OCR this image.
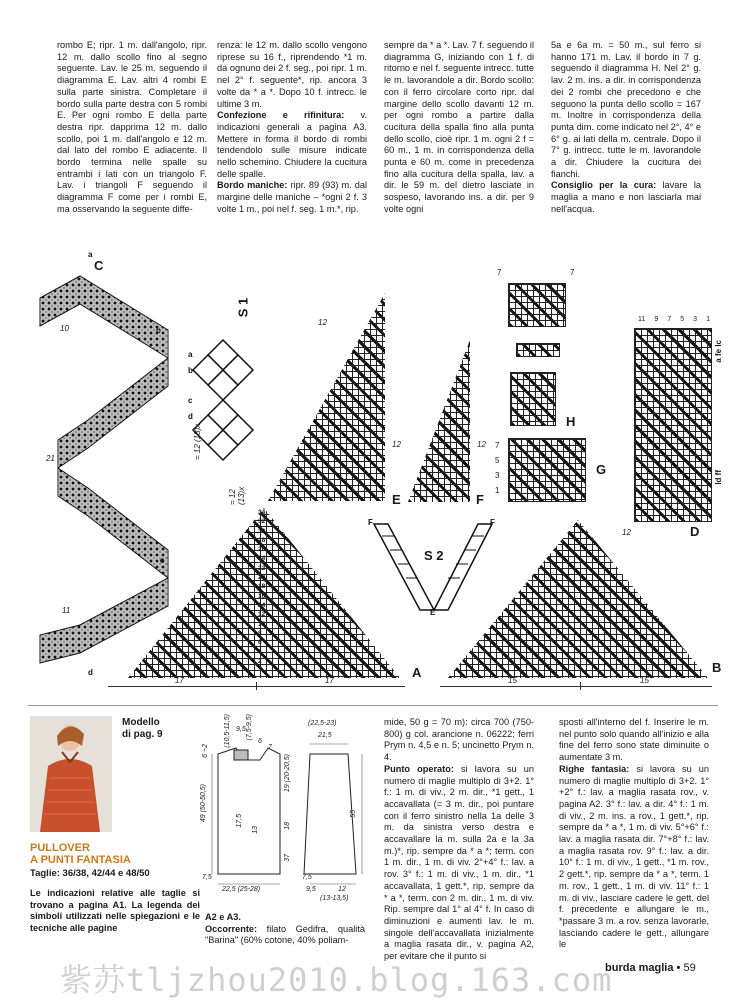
rombo E; ripr. 1 m. dall'angolo, ripr. 12 m. dallo scollo fino al segno seguente. Lav. le 25 m. seguendo il diagramma E. Lav. altri 4 rombi E sulla parte sinistra. Completare il bordo sulla parte destra con 5 rombi E. Per ogni rombo E della parte destra ripr. dapprima 12 m. dallo scollo, poi 1 m. dall'angolo e 12 m. dal lato del rombo E adiacente. Il bordo termina nelle spalle su entrambi i lati con un triangolo F. Lav. i triangoli F seguendo il diagramma F come per i rombi E, ma osservando la seguente diffe-

renza: le 12 m. dallo scollo vengono riprese su 16 f., riprendendo *1 m. da ognuno dei 2 f. seg., poi ripr. 1 m. nel 2° f. seguente*, rip. ancora 3 volte da * a *. Dopo 10 f. intrecc. le ultime 3 m.

Confezione e rifinitura: v. indicazioni generali a pagina A3. Mettere in forma il bordo di rombi tendendolo sulle misure indicate nello schemino. Chiudere la cucitura delle spalle.

Bordo maniche: ripr. 89 (93) m. dal margine delle maniche – *ogni 2 f. 3 volte 1 m., poi nel f. seg. 1 m.*, rip.

sempre da * a *. Lav. 7 f. seguendo il diagramma G, iniziando con 1 f. di ritorno e nel f. seguente intrecc. tutte le m. lavorandole a dir. Bordo scollo: con il ferro circolare corto ripr. dal margine dello scollo davanti 12 m. per ogni rombo a partire dalla cucitura della spalla fino alla punta dello scollo, cioè ripr. 1 m. ogni 2 f = 60 m., 1 m. in corrispondenza della punta e 60 m. come in precedenza fino alla cucitura della spalla, lav. a dir. le 59 m. del dietro lasciate in sospeso, lavorando ins. a dir. per 9 volte ogni

5a e 6a m. = 50 m., sul ferro si hanno 171 m. Lav. il bordo in 7 g. seguendo il diagramma H. Nel 2° g. lav. 2 m. ins. a dir. in corrispondenza dei 2 rombi che precedono e che seguono la punta dello scollo = 167 m. Inoltre in corrispondenza della punta dim. come indicato nel 2°, 4° e 6° g. ai lati della m. centrale. Dopo il 7° g. intrecc. tutte le m. lavorandole a dir. Chiudere la cucitura dei fianchi.

Consiglio per la cura: lavare la maglia a mano e non lasciarla mai nell'acqua.

C
a
b
c
d
10
21
11
S 1
a
b
c
d
= 12 (13)x
= 12 (13)x	E
12
12
F
12
H
7	7
G
7
5
3
1
D
11 9 7 5 3 1
a fe lc
ld ff
12
34
32
30
28
26
24
22
20
18
16
14
12
10
8
6
4
2
A
17	17
S 2
F	F
E
B
15	15
Modello
di pag. 9
PULLOVER
A PUNTI FANTASIA
Taglie: 36/38, 42/44 e 48/50
Le indicazioni relative alle taglie si trovano a pagina A1. La legenda dei simboli utilizzati nelle spiegazioni e le tecniche alle pagine
(10,5-11,5) (7,5-9,5)
9,5
6
7
6 −2
49 (50-50,5)	17,5
13
19 (20-20,5)
18
37
7,5
22,5 (25-28)
(22,5-23)
21,5
55
7,5
9,5	12
(13-13,5)

A2 e A3.

Occorrente: filato Gedifra, qualità "Barina" (60% cotone, 40% poliam-

mide, 50 g = 70 m): circa 700 (750-800) g col. arancione n. 06222; ferri Prym n. 4,5 e n. 5; uncinetto Prym n. 4.

Punto operato: si lavora su un numero di maglie multiplo di 3+2. 1° f.: 1 m. di viv., 2 m. dir., *1 gett., 1 accavallata (= 3 m. dir., poi puntare con il ferro sinistro nella 1a delle 3 m. da sinistra verso destra e accavallare la m. sulla 2a e la 3a m.)*, rip. sempre da * a *; term. con 1 m. dir., 1 m. di viv. 2°+4° f.: lav. a rov. 3° f.: 1 m. di viv., 1 m. dir., *1 accavallata, 1 gett.*, rip. sempre da * a *, term. con 2 m. dir., 1 m. di viv. Rip. sempre dal 1° al 4° f. In caso di diminuzioni e aumenti lav. le m. singole dell'accavallata inizialmente a maglia rasata dir., v. pagina A2, per evitare che il punto si

sposti all'interno del f. Inserire le m. nel punto solo quando all'inizio e alla fine del ferro sono state diminuite o aumentate 3 m.

Righe fantasia: si lavora su un numero di maglie multiplo di 3+2. 1°+2° f.: lav. a maglia rasata rov., v. pagina A2. 3° f.: lav. a dir. 4° f.: 1 m. di viv., 2 m. ins. a rov., 1 gett.*, rip. sempre da * a *, 1 m. di viv. 5°+6° f.: lav. a maglia rasata dir. 7°+8° f.: lav. a maglia rasata rov. 9° f.: lav. a dir. 10° f.: 1 m. di viv., 1 gett., *1 m. rov., 2 gett.*, rip. sempre da * a *, term. 1 m. rov., 1 gett., 1 m. di viv. 11° f.: 1 m. di viv., lasciare cadere le gett. del f. precedente e allungare le m., *passare 3 m. a rov. senza lavorarle, lasciando cadere le gett., allungare le

burda maglia • 59
紫苏tljzhou2010.blog.163.com
